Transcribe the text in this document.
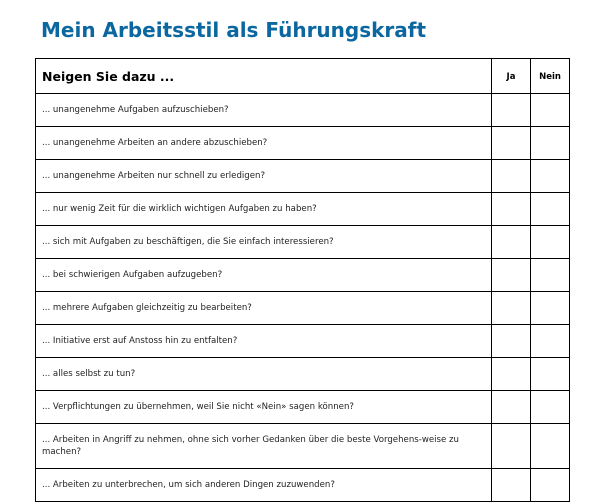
Mein Arbeitsstil als Führungskraft
Neigen Sie dazu ...	Ja	Nein
... unangenehme Aufgaben aufzuschieben?		
... unangenehme Arbeiten an andere abzuschieben?		
... unangenehme Arbeiten nur schnell zu erledigen?		
... nur wenig Zeit für die wirklich wichtigen Aufgaben zu haben?		
... sich mit Aufgaben zu beschäftigen, die Sie einfach interessieren?		
... bei schwierigen Aufgaben aufzugeben?		
... mehrere Aufgaben gleichzeitig zu bearbeiten?		
... Initiative erst auf Anstoss hin zu entfalten?		
... alles selbst zu tun?		
... Verpflichtungen zu übernehmen, weil Sie nicht «Nein» sagen können?		
... Arbeiten in Angriff zu nehmen, ohne sich vorher Gedanken über die beste Vorgehens-weise zu machen?		
... Arbeiten zu unterbrechen, um sich anderen Dingen zuzuwenden?		
